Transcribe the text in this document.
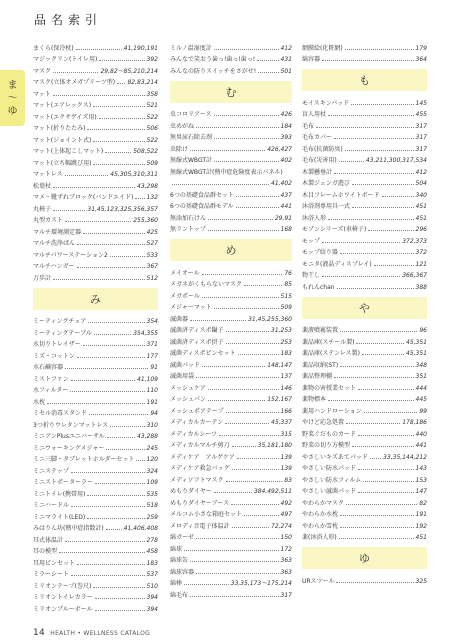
品名索引
ま
〜
ゆ
まくら(保冷枕)	41,190,191
マジックリン(トイレ用)	392
マスク	29,82〜85,210,214
マスク(立体オメガプリーツ型) 82,83,214
マット	358
マット(エアレックス)	521
マット(エクサゲイズ用)	522
マット(折りたたみ)	506
マット(ジョイント式)	522
マット(上体起こしマット)	508,522
マット(立ち幅跳び用)	509
マットレス	45,305,310,311
松葉杖	43,298
マメ・靴ずれブロック(バンドエイド) 132
丸椅子	31,45,123,325,356,357
丸型カスト	255,360
マルチ環境測定器	425
マルチ洗浄ばん	527
マルチパワーステーション2	533
マルチハンガー	367
万歩計	512
み
ミーティングチェア	354
ミーティングテーブル	354,355
水切りトレイザー	371
ミズ・コットン	177
水石鹸容器	91
ミストファン	41,109
水フィルター	110
水枕	191
ミセル消毒スタンド	94
3つ折りウレタンマットレス	310
ミニアンPlusユニバーサル	43,288
ミニウォーキングメジャー	245
ミニ三脚・タブレットホルダーセット 120
ミニステップ	324
ミニストポーターラー	109
ミニトイレ(携帯用)	535
ミニハードル	518
ミニマライト(LED)	259
みはりん坊(熱中症指数計)	41,406,408
耳式体温計	278
耳の模型	458
耳用ピンセット	183
ミラーシート	537
ミリオンテープ(巻尺)	510
ミリオントイレカラー	394
ミリオンブルーボール	394
ミルノ温湿度計	412
みんなで笑おう歯っ!歯っ!歯っ!	431
みんなの防りスイッチをさがせ!	501
む
虫コロリアース	426
虫めがね	184
無臭尿石除去剤	393
虫除け	426,427
無線式WBGT計	402
無線式WBGT計(熱中症危険度表示パネル)
41,402
6つの基礎食品群セット	437
6つの基礎食品群モデル	441
無添加石けん	29,91
無リントップ	168
め
メイオール	76
メガネがくもらないマスク	85
メガポール	515
メジャーマット	509
滅菌器	31,45,255,360
滅菌済ディスポ鑷子	31,253
滅菌済ディスポ摂子	253
滅菌ディスポピンセット	183
滅菌パッド	148,147
滅菌用袋	137
メッシュケア	146
メッシュパン	152,167
メッシュポアテープ	166
メディカルカーテン	45,337
メディカルシーツ	315
メディカルマルチ剪刀	35,181,180
メディケア　アルゲケア	139
メディケア救急バッグ	139
メディソフトマスク	83
めもりダイヤー	384,492,511
めもりダイヤーブース	492
メルコム小さな箱庭セット	497
メロディ音電子体温計	72,274
綿ガーゼ	150
綿球	172
綿球缶	363
綿球容器	363
綿棒	33,35,173〜175,214
綿毛布	317
網膜絵(化粧網)	179
綿容器	364
も
モイスキンパッド	145
盲人用杖	455
毛布	317
毛布カバー	317
毛布(抗菌防臭)	317
毛布(災害用)	43,211,300,317,534
木製懸垂計	412
木製ジェンガ遊び	504
木目フレームホワイトボード	340
沐浴剤専用具一式	451
沐浴人形	451
モゾンシリーズ(車椅子)	296
モップ	372,373
モップ絞り器	372
モニタ(液晶ディスプレイ)	121
物干し	366,367
もれんchan	388
や
薬液噴霧装置	96
薬品庫(スチール製)	45,351
薬品庫(ステンレス製)	45,351
薬品収納(ST)	348
薬品整理棚	351
薬物の害授業セット	444
薬物標本	445
薬用ハンドローション	99
やけど応急処置	178,186
野菜ぐだものカード	440
野菜の切り方模型	441
やさしいキズあてパッド	33,35,144,212
やさしい防水パッド	143
やさしい防水フィルム	153
やさしい滅菌パッド	147
やわらかマスク	82
やわらか水枕	191
やわらか雪枕	192
薬(沐浴人形)	451
ゆ
URスツール	325
14 HEALTH • WELLNESS CATALOG
